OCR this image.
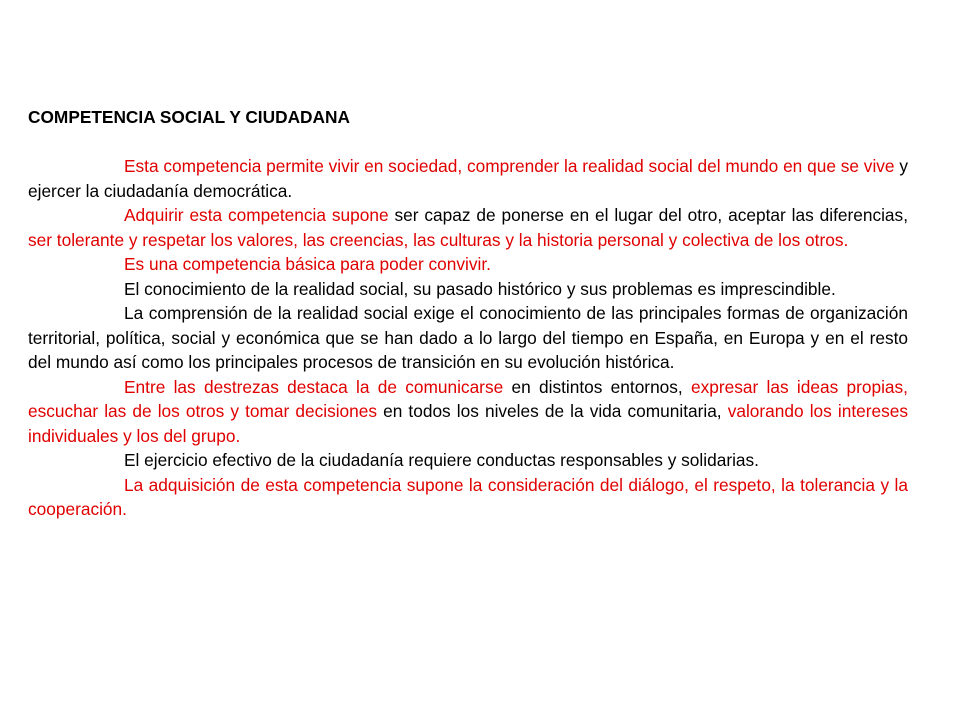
COMPETENCIA SOCIAL Y CIUDADANA

Esta competencia permite vivir en sociedad, comprender la realidad social del mundo en que se vive y ejercer la ciudadanía democrática.

Adquirir esta competencia supone ser capaz de ponerse en el lugar del otro, aceptar las diferencias, ser tolerante y respetar los valores, las creencias, las culturas y la historia personal y colectiva de los otros.

Es una competencia básica para poder convivir.

El conocimiento de la realidad social, su pasado histórico y sus problemas es imprescindible.

La comprensión de la realidad social exige el conocimiento de las principales formas de organización territorial, política, social y económica que se han dado a lo largo del tiempo en España, en Europa y en el resto del mundo así como los principales procesos de transición en su evolución histórica.

Entre las destrezas destaca la de comunicarse en distintos entornos, expresar las ideas propias, escuchar las de los otros y tomar decisiones en todos los niveles de la vida comunitaria, valorando los intereses individuales y los del grupo.

El ejercicio efectivo de la ciudadanía requiere conductas responsables y solidarias.

La adquisición de esta competencia supone la consideración del diálogo, el respeto, la tolerancia y la cooperación.
